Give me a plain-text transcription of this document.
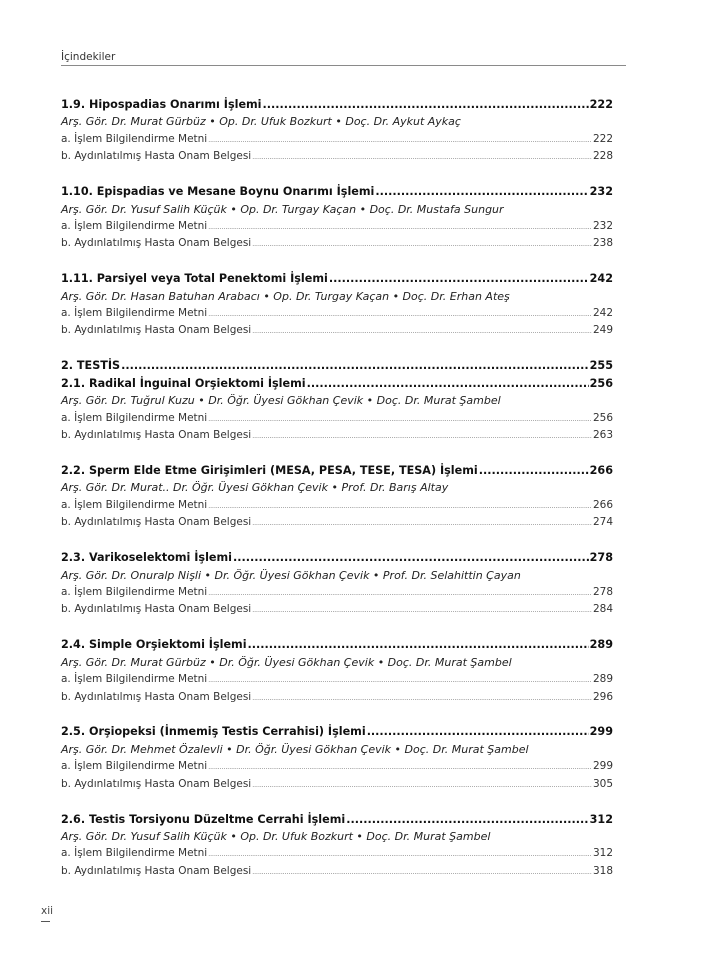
İçindekiler
1.9. Hipospadias Onarımı İşlemi .....	222
Arş. Gör. Dr. Murat Gürbüz • Op. Dr. Ufuk Bozkurt • Doç. Dr. Aykut Aykaç
a. İşlem Bilgilendirme Metni .....	222
b. Aydınlatılmış Hasta Onam Belgesi .....	228
1.10. Epispadias ve Mesane Boynu Onarımı İşlemi .....	232
Arş. Gör. Dr. Yusuf Salih Küçük • Op. Dr. Turgay Kaçan • Doç. Dr. Mustafa Sungur
a. İşlem Bilgilendirme Metni .....	232
b. Aydınlatılmış Hasta Onam Belgesi .....	238
1.11. Parsiyel veya Total Penektomi İşlemi .....	242
Arş. Gör. Dr. Hasan Batuhan Arabacı • Op. Dr. Turgay Kaçan • Doç. Dr. Erhan Ateş
a. İşlem Bilgilendirme Metni .....	242
b. Aydınlatılmış Hasta Onam Belgesi .....	249
2. TESTİS .....	255
2.1. Radikal İnguinal Orşiektomi İşlemi .....	256
Arş. Gör. Dr. Tuğrul Kuzu • Dr. Öğr. Üyesi Gökhan Çevik • Doç. Dr. Murat Şambel
a. İşlem Bilgilendirme Metni .....	256
b. Aydınlatılmış Hasta Onam Belgesi .....	263
2.2. Sperm Elde Etme Girişimleri (MESA, PESA, TESE, TESA) İşlemi .....	266
Arş. Gör. Dr. Murat.. Dr. Öğr. Üyesi Gökhan Çevik • Prof. Dr. Barış Altay
a. İşlem Bilgilendirme Metni .....	266
b. Aydınlatılmış Hasta Onam Belgesi .....	274
2.3. Varikoselektomi İşlemi .....	278
Arş. Gör. Dr. Onuralp Nişli • Dr. Öğr. Üyesi Gökhan Çevik • Prof. Dr. Selahittin Çayan
a. İşlem Bilgilendirme Metni .....	278
b. Aydınlatılmış Hasta Onam Belgesi .....	284
2.4. Simple Orşiektomi İşlemi .....	289
Arş. Gör. Dr. Murat Gürbüz • Dr. Öğr. Üyesi Gökhan Çevik • Doç. Dr. Murat Şambel
a. İşlem Bilgilendirme Metni .....	289
b. Aydınlatılmış Hasta Onam Belgesi .....	296
2.5. Orşiopeksi (İnmemiş Testis Cerrahisi) İşlemi .....	299
Arş. Gör. Dr. Mehmet Özalevli • Dr. Öğr. Üyesi Gökhan Çevik • Doç. Dr. Murat Şambel
a. İşlem Bilgilendirme Metni .....	299
b. Aydınlatılmış Hasta Onam Belgesi .....	305
2.6. Testis Torsiyonu Düzeltme Cerrahi İşlemi .....	312
Arş. Gör. Dr. Yusuf Salih Küçük • Op. Dr. Ufuk Bozkurt • Doç. Dr. Murat Şambel
a. İşlem Bilgilendirme Metni .....	312
b. Aydınlatılmış Hasta Onam Belgesi .....	318
xii
